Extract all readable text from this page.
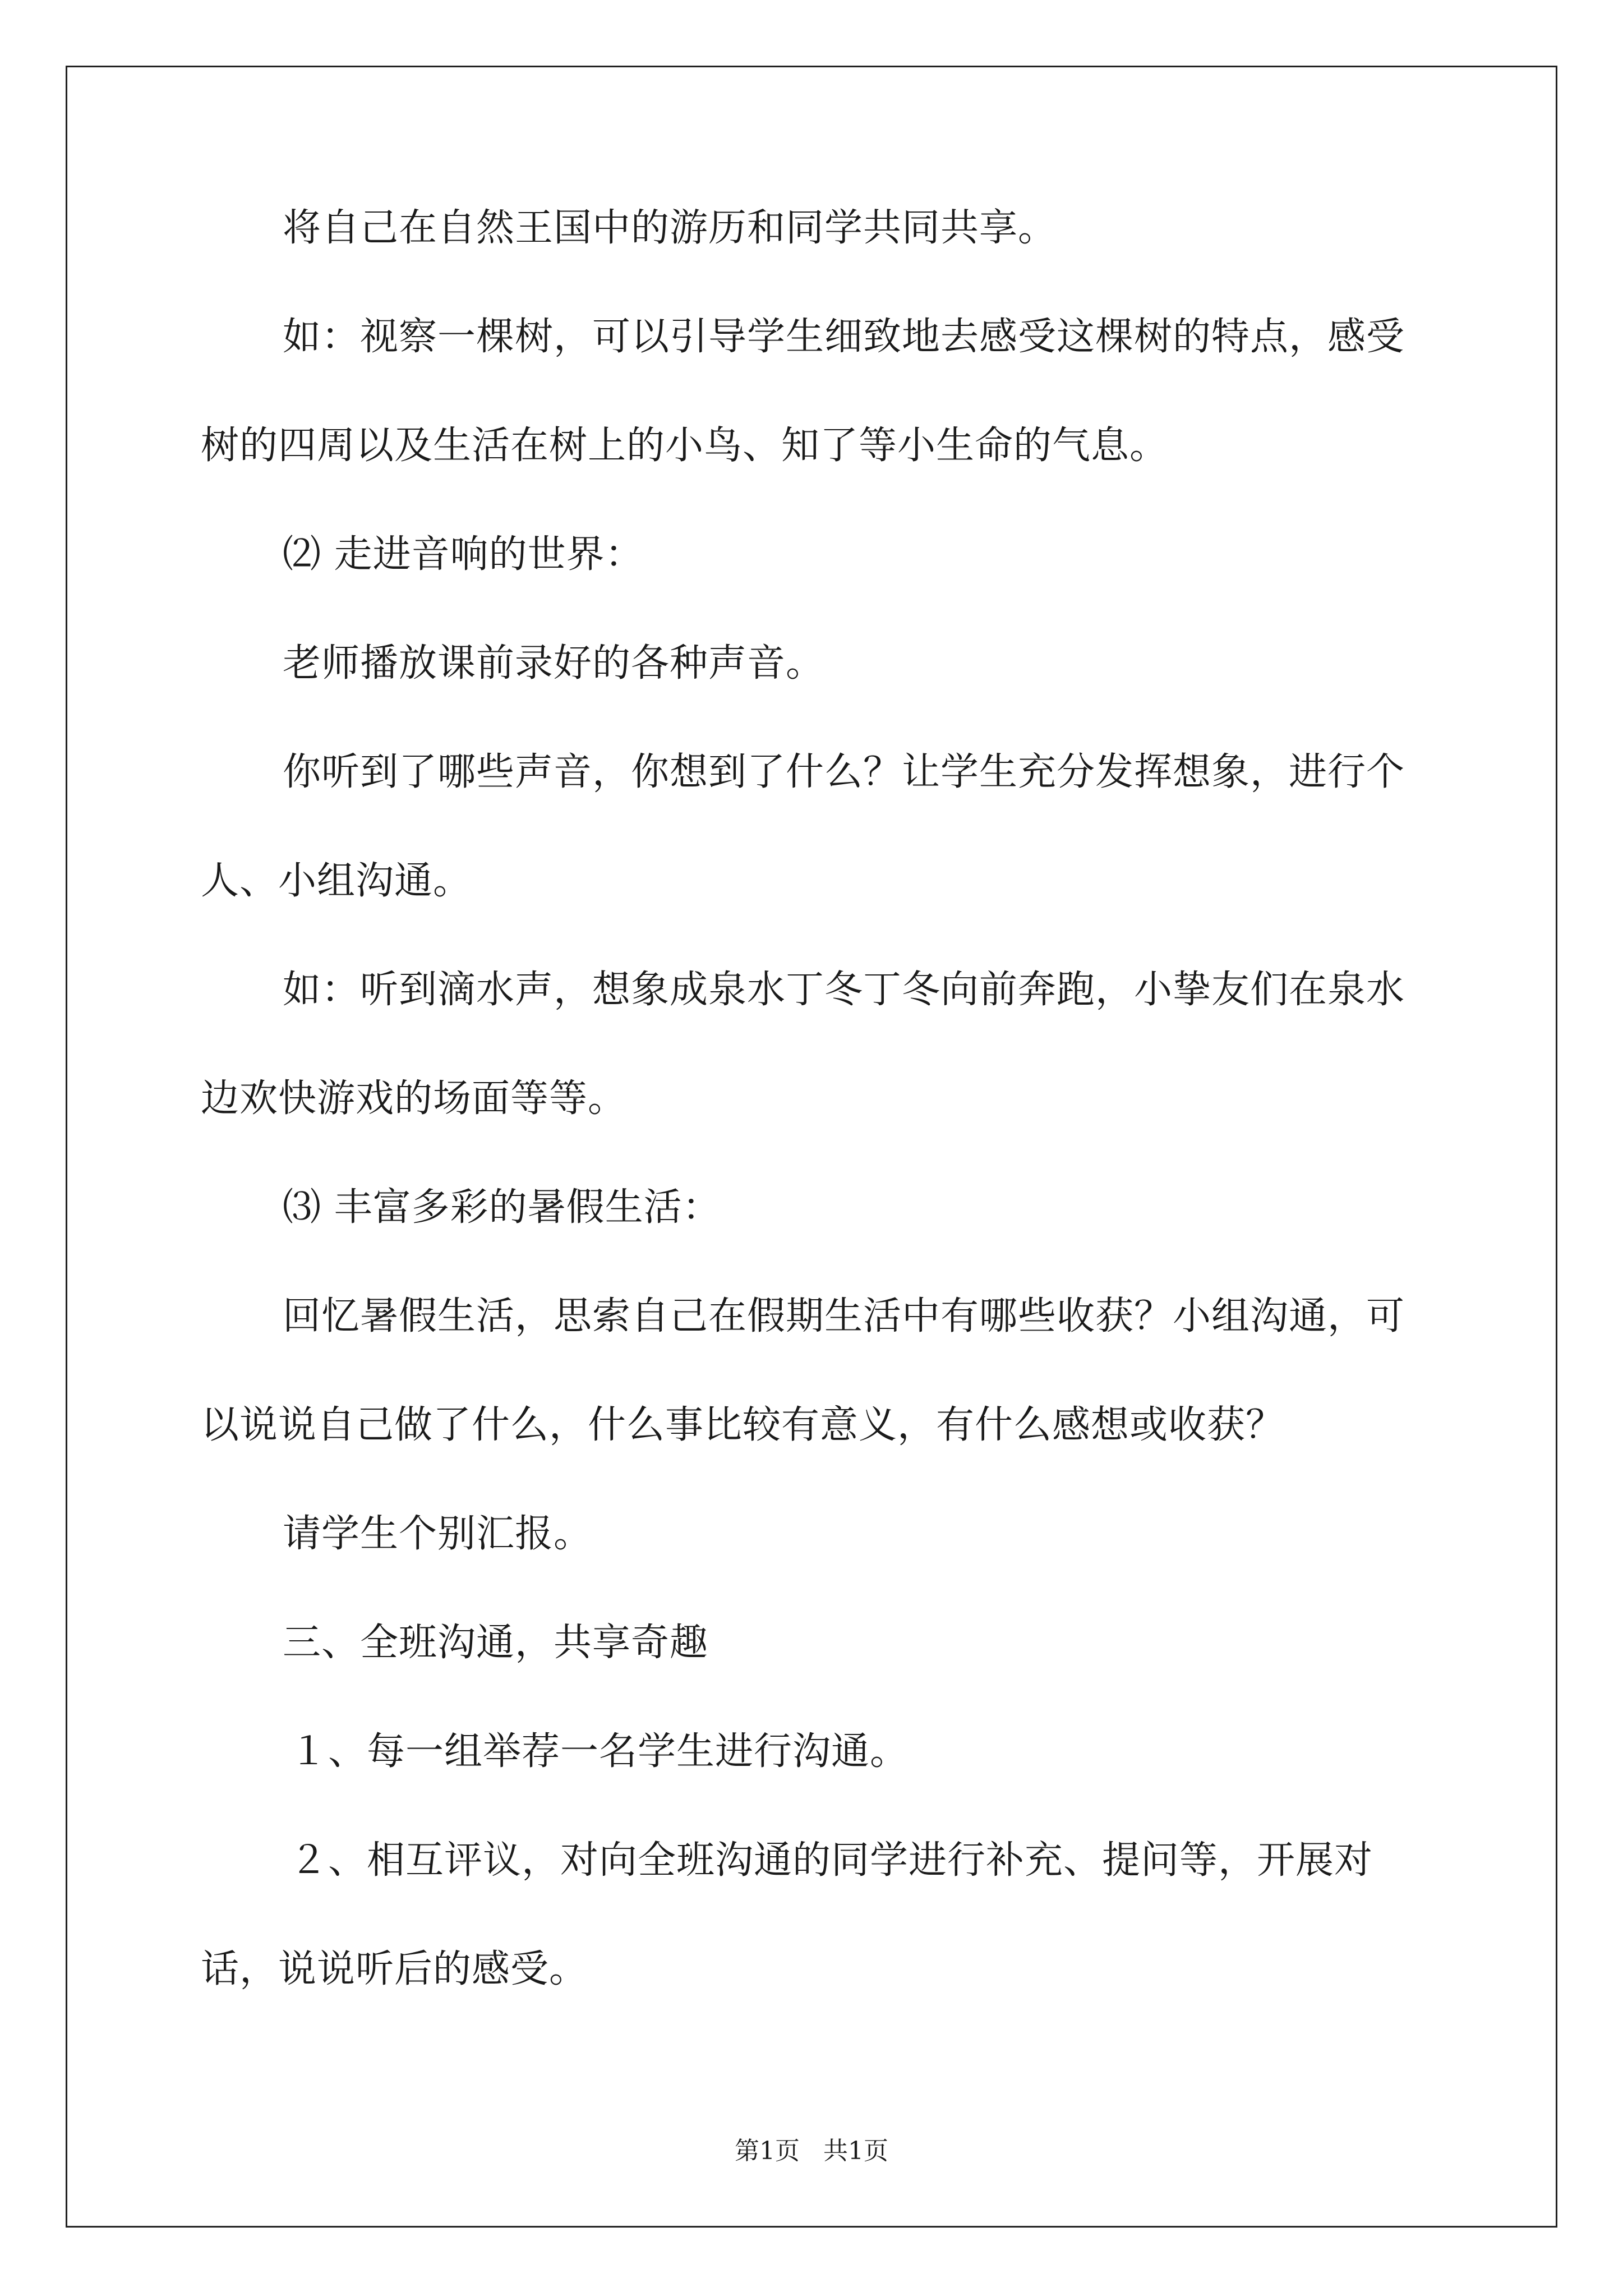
将自己在自然王国中的游历和同学共同共享。

如：视察一棵树，可以引导学生细致地去感受这棵树的特点，感受树的四周以及生活在树上的小鸟、知了等小生命的气息。

⑵ 走进音响的世界：

老师播放课前录好的各种声音。

你听到了哪些声音，你想到了什么？让学生充分发挥想象，进行个人、小组沟通。

如：听到滴水声，想象成泉水丁冬丁冬向前奔跑，小挚友们在泉水边欢快游戏的场面等等。

⑶ 丰富多彩的暑假生活：

回忆暑假生活，思索自己在假期生活中有哪些收获？小组沟通，可以说说自己做了什么，什么事比较有意义，有什么感想或收获？

请学生个别汇报。

三、全班沟通，共享奇趣

１、每一组举荐一名学生进行沟通。

２、相互评议，对向全班沟通的同学进行补充、提问等，开展对话，说说听后的感受。

第1页 共1页
